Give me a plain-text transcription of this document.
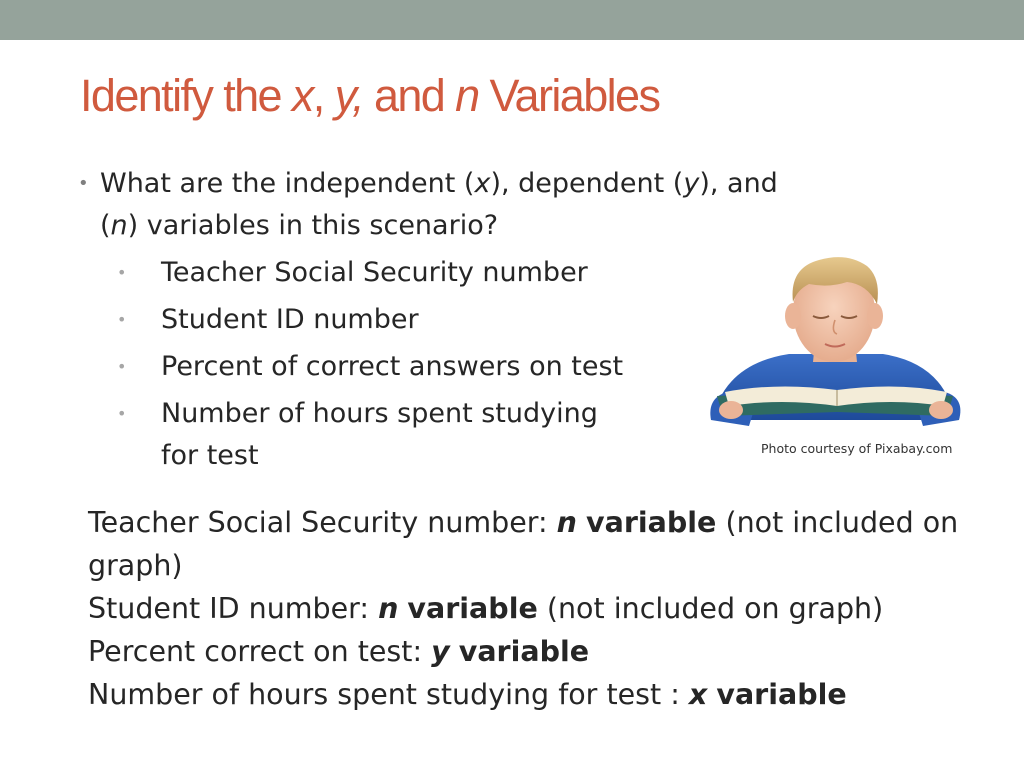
Identify the x, y, and n Variables
• What are the independent (x), dependent (y), and
(n) variables in this scenario?
• Teacher Social Security number
• Student ID number
• Percent of correct answers on test
• Number of hours spent studying for test	Photo courtesy of Pixabay.com

Teacher Social Security number: n variable (not included on graph)

Student ID number: n variable (not included on graph)

Percent correct on test: y variable

Number of hours spent studying for test : x variable
